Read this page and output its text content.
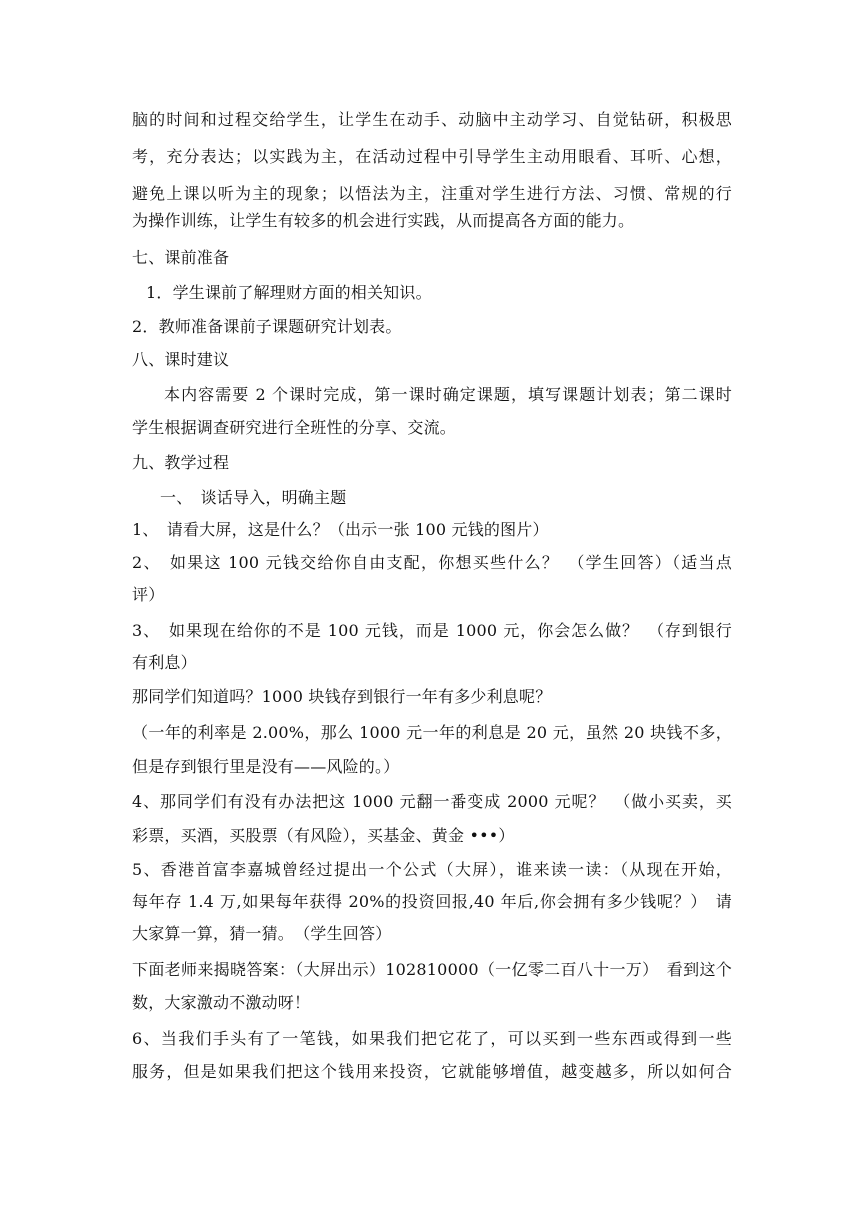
脑的时间和过程交给学生，让学生在动手、动脑中主动学习、自觉钻研，积极思
考，充分表达；以实践为主，在活动过程中引导学生主动用眼看、耳听、心想，
避免上课以听为主的现象；以悟法为主，注重对学生进行方法、习惯、常规的行
为操作训练，让学生有较多的机会进行实践，从而提高各方面的能力。
七、课前准备
1．学生课前了解理财方面的相关知识。
2．教师准备课前子课题研究计划表。
八、课时建议
本内容需要 2 个课时完成，第一课时确定课题，填写课题计划表；第二课时
学生根据调查研究进行全班性的分享、交流。
九、教学过程
一、　谈话导入，明确主题
1、　请看大屏，这是什么？（出示一张 100 元钱的图片）
2、　如果这 100 元钱交给你自由支配，你想买些什么？　（学生回答）（适当点
评）
3、　如果现在给你的不是 100 元钱，而是 1000 元，你会怎么做？　（存到银行
有利息）
那同学们知道吗？1000 块钱存到银行一年有多少利息呢？
（一年的利率是 2.00%，那么 1000 元一年的利息是 20 元，虽然 20 块钱不多，
但是存到银行里是没有——风险的。）
4、那同学们有没有办法把这 1000 元翻一番变成 2000 元呢？　（做小买卖，买
彩票，买酒，买股票（有风险），买基金、黄金 •••）
5、香港首富李嘉城曾经过提出一个公式（大屏），谁来读一读：（从现在开始，
每年存 1.4 万,如果每年获得 20%的投资回报,40 年后,你会拥有多少钱呢？）　请
大家算一算，猜一猜。　（学生回答）
下面老师来揭晓答案：（大屏出示）102810000（一亿零二百八十一万）　看到这个
数，大家激动不激动呀！
6、当我们手头有了一笔钱，如果我们把它花了，可以买到一些东西或得到一些
服务，但是如果我们把这个钱用来投资，它就能够增值，越变越多，所以如何合
